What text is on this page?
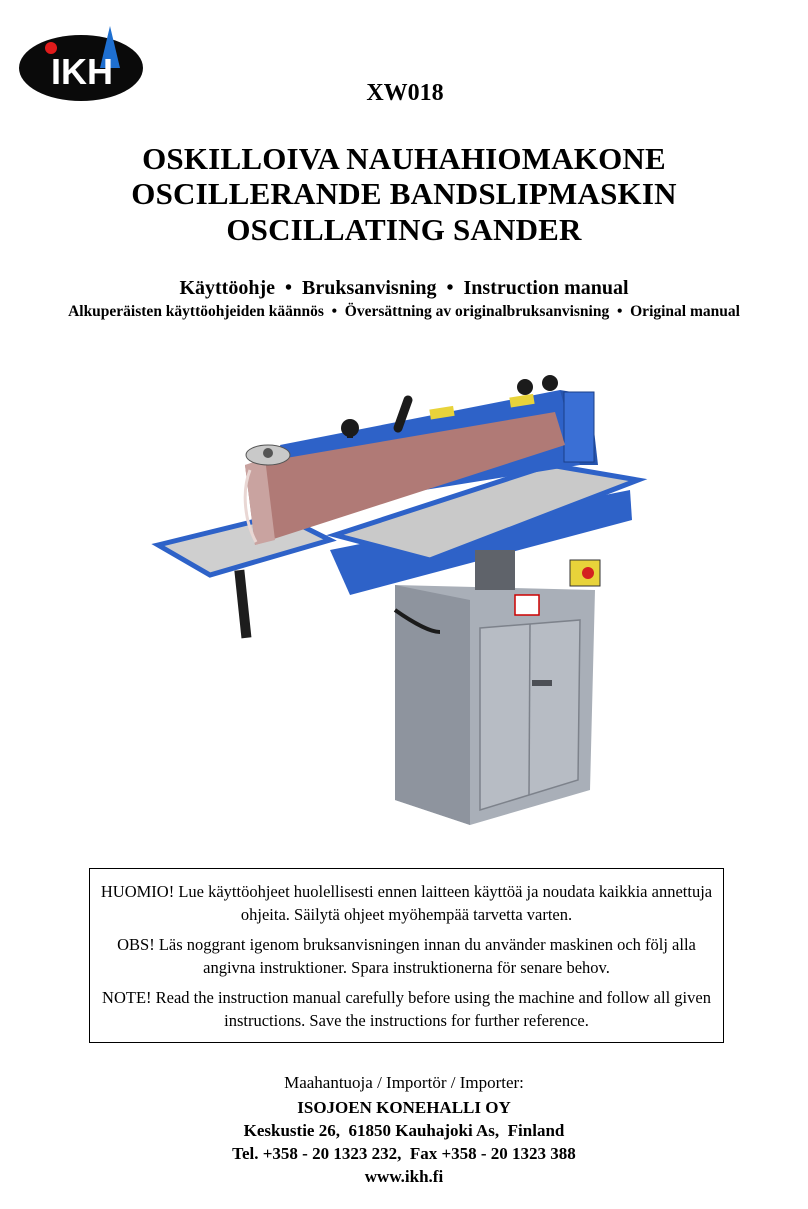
IKH
XW018
OSKILLOIVA NAUHAHIOMAKONE
OSCILLERANDE BANDSLIPMASKIN
OSCILLATING SANDER
Käyttöohje  •  Bruksanvisning  •  Instruction manual
Alkuperäisten käyttöohjeiden käännös  •  Översättning av originalbruksanvisning  •  Original manual

HUOMIO! Lue käyttöohjeet huolellisesti ennen laitteen käyttöä ja noudata kaikkia annettuja ohjeita. Säilytä ohjeet myöhempää tarvetta varten.

OBS! Läs noggrant igenom bruksanvisningen innan du använder maskinen och följ alla angivna instruktioner. Spara instruktionerna för senare behov.

NOTE! Read the instruction manual carefully before using the machine and follow all given instructions. Save the instructions for further reference.

Maahantuoja / Importör / Importer:
ISOJOEN KONEHALLI OY
Keskustie 26,  61850 Kauhajoki As,  Finland
Tel. +358 - 20 1323 232,  Fax +358 - 20 1323 388
www.ikh.fi
